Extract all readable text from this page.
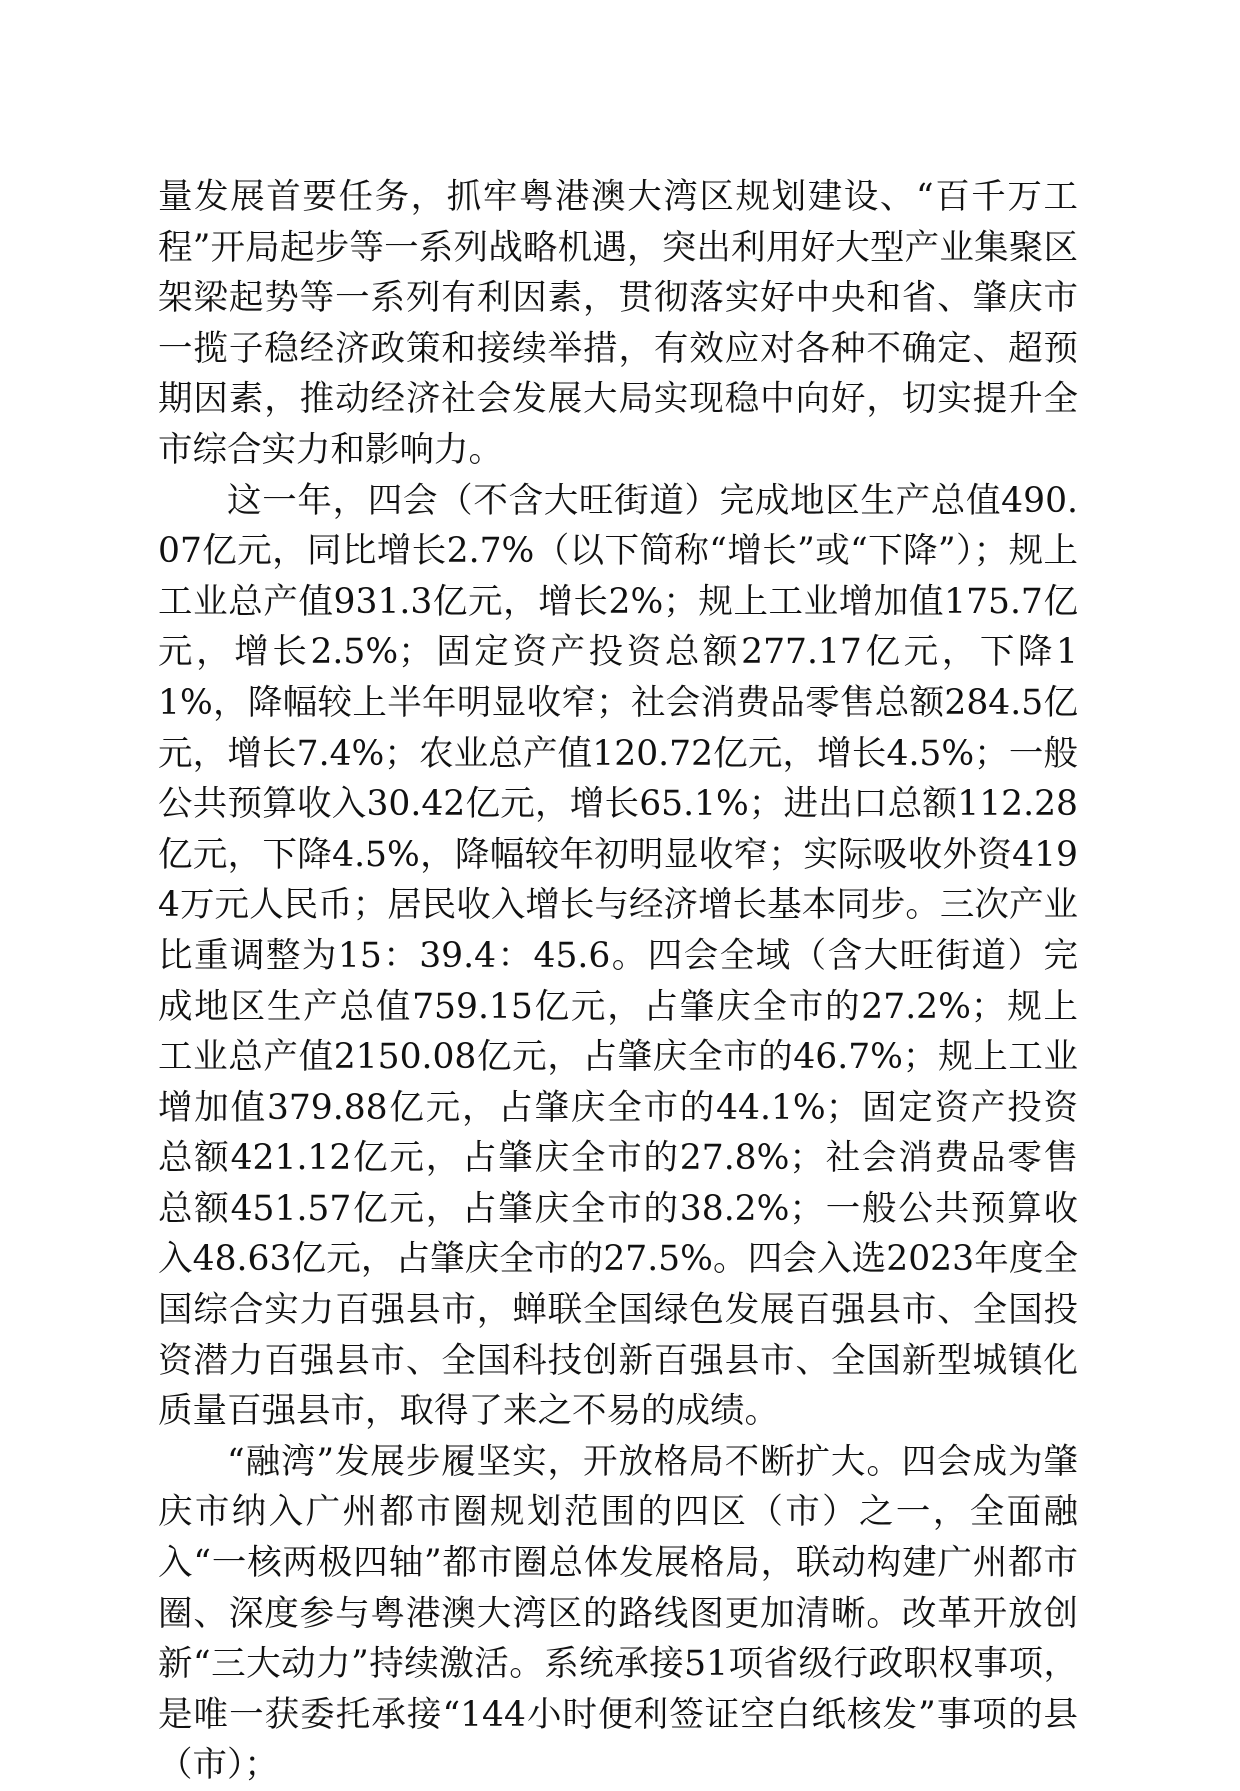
量发展首要任务，抓牢粤港澳大湾区规划建设、“百千万工程”开局起步等一系列战略机遇，突出利用好大型产业集聚区架梁起势等一系列有利因素，贯彻落实好中央和省、肇庆市一揽子稳经济政策和接续举措，有效应对各种不确定、超预期因素，推动经济社会发展大局实现稳中向好，切实提升全市综合实力和影响力。

这一年，四会（不含大旺街道）完成地区生产总值490.07亿元，同比增长2.7%（以下简称“增长”或“下降”）；规上工业总产值931.3亿元，增长2%；规上工业增加值175.7亿元，增长2.5%；固定资产投资总额277.17亿元，下降11%，降幅较上半年明显收窄；社会消费品零售总额284.5亿元，增长7.4%；农业总产值120.72亿元，增长4.5%；一般公共预算收入30.42亿元，增长65.1%；进出口总额112.28亿元，下降4.5%，降幅较年初明显收窄；实际吸收外资4194万元人民币；居民收入增长与经济增长基本同步。三次产业比重调整为15：39.4：45.6。四会全域（含大旺街道）完成地区生产总值759.15亿元，占肇庆全市的27.2%；规上工业总产值2150.08亿元，占肇庆全市的46.7%；规上工业增加值379.88亿元，占肇庆全市的44.1%；固定资产投资总额421.12亿元，占肇庆全市的27.8%；社会消费品零售总额451.57亿元，占肇庆全市的38.2%；一般公共预算收入48.63亿元，占肇庆全市的27.5%。四会入选2023年度全国综合实力百强县市，蝉联全国绿色发展百强县市、全国投资潜力百强县市、全国科技创新百强县市、全国新型城镇化质量百强县市，取得了来之不易的成绩。

“融湾”发展步履坚实，开放格局不断扩大。四会成为肇庆市纳入广州都市圈规划范围的四区（市）之一，全面融入“一核两极四轴”都市圈总体发展格局，联动构建广州都市圈、深度参与粤港澳大湾区的路线图更加清晰。改革开放创新“三大动力”持续激活。系统承接51项省级行政职权事项，是唯一获委托承接“144小时便利签证空白纸核发”事项的县（市）；
